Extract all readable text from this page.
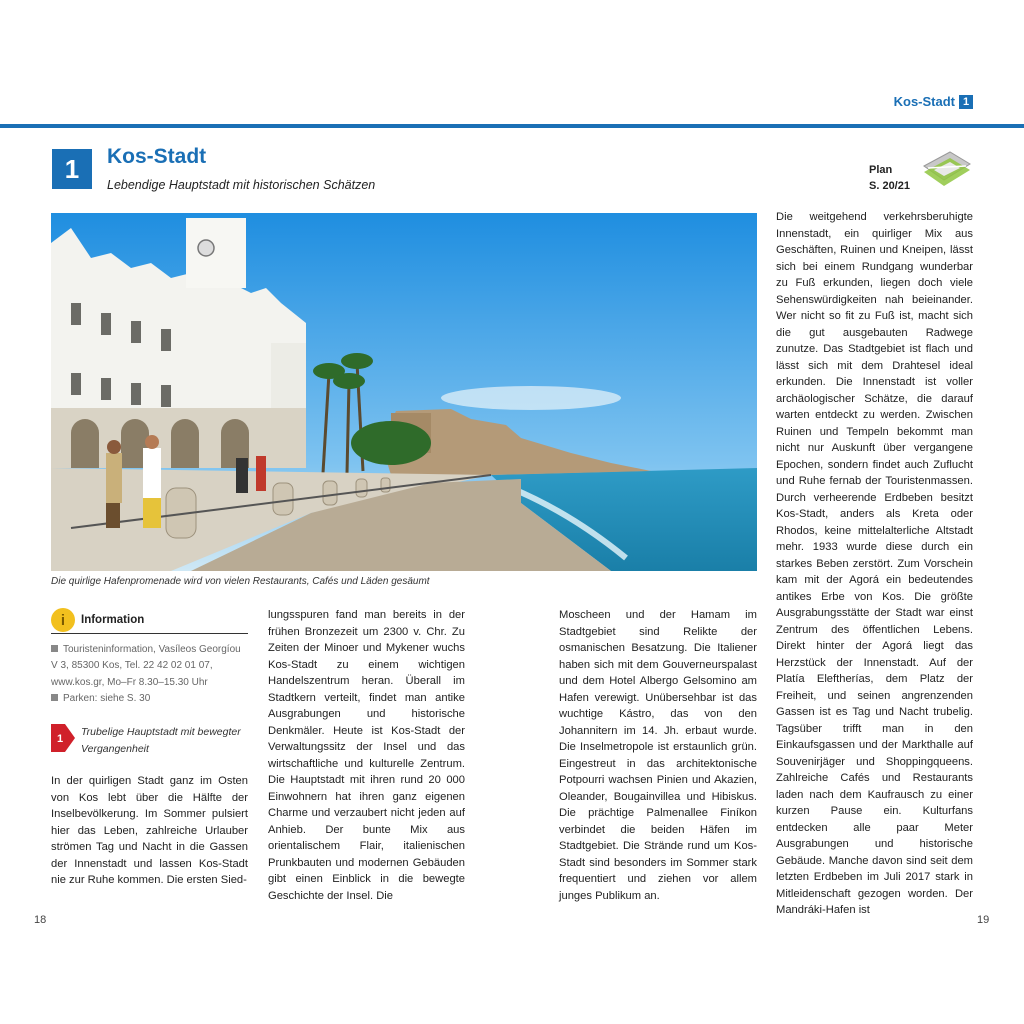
Kos-Stadt 1
1	Kos-Stadt
Lebendige Hauptstadt mit historischen Schätzen
Plan
S. 20/21
Die quirlige Hafenpromenade wird von vielen Restaurants, Cafés und Läden gesäumt
i	Information
Touristeninformation, Vasíleos Georgíou
V 3, 85300 Kos, Tel. 22 42 02 01 07,
www.kos.gr, Mo–Fr 8.30–15.30 Uhr
Parken: siehe S. 30
1
Trubelige Hauptstadt mit bewegter Vergangenheit
In der quirligen Stadt ganz im Osten von Kos lebt über die Hälfte der Inselbevölkerung. Im Sommer pulsiert hier das Leben, zahlreiche Urlauber strömen Tag und Nacht in die Gassen der Innenstadt und lassen Kos-Stadt nie zur Ruhe kommen. Die ersten Sied-
lungsspuren fand man bereits in der frühen Bronzezeit um 2300 v. Chr. Zu Zeiten der Minoer und Mykener wuchs Kos-Stadt zu einem wichtigen Handelszentrum heran. Überall im Stadtkern verteilt, findet man antike Ausgrabungen und historische Denkmäler. Heute ist Kos-Stadt der Verwaltungssitz der Insel und das wirtschaftliche und kulturelle Zentrum. Die Hauptstadt mit ihren rund 20 000 Einwohnern hat ihren ganz eigenen Charme und verzaubert nicht jeden auf Anhieb. Der bunte Mix aus orientalischem Flair, italienischen Prunkbauten und modernen Gebäuden gibt einen Einblick in die bewegte Geschichte der Insel. Die
Moscheen und der Hamam im Stadtgebiet sind Relikte der osmanischen Besatzung. Die Italiener haben sich mit dem Gouverneurspalast und dem Hotel Albergo Gelsomino am Hafen verewigt. Unübersehbar ist das wuchtige Kástro, das von den Johannitern im 14. Jh. erbaut wurde. Die Inselmetropole ist erstaunlich grün. Eingestreut in das architektonische Potpourri wachsen Pinien und Akazien, Oleander, Bougainvillea und Hibiskus. Die prächtige Palmenallee Finíkon verbindet die beiden Häfen im Stadtgebiet. Die Strände rund um Kos-Stadt sind besonders im Sommer stark frequentiert und ziehen vor allem junges Publikum an.
Die weitgehend verkehrsberuhigte Innenstadt, ein quirliger Mix aus Geschäften, Ruinen und Kneipen, lässt sich bei einem Rundgang wunderbar zu Fuß erkunden, liegen doch viele Sehenswürdigkeiten nah beieinander. Wer nicht so fit zu Fuß ist, macht sich die gut ausgebauten Radwege zunutze. Das Stadtgebiet ist flach und lässt sich mit dem Drahtesel ideal erkunden. Die Innenstadt ist voller archäologischer Schätze, die darauf warten entdeckt zu werden. Zwischen Ruinen und Tempeln bekommt man nicht nur Auskunft über vergangene Epochen, sondern findet auch Zuflucht und Ruhe fernab der Touristenmassen. Durch verheerende Erdbeben besitzt Kos-Stadt, anders als Kreta oder Rhodos, keine mittelalterliche Altstadt mehr. 1933 wurde diese durch ein starkes Beben zerstört. Zum Vorschein kam mit der Agorá ein bedeutendes antikes Erbe von Kos. Die größte Ausgrabungsstätte der Stadt war einst Zentrum des öffentlichen Lebens. Direkt hinter der Agorá liegt das Herzstück der Innenstadt. Auf der Platía Eleftherías, dem Platz der Freiheit, und seinen angrenzenden Gassen ist es Tag und Nacht trubelig. Tagsüber trifft man in den Einkaufsgassen und der Markthalle auf Souvenirjäger und Shoppingqueens. Zahlreiche Cafés und Restaurants laden nach dem Kaufrausch zu einer kurzen Pause ein. Kulturfans entdecken alle paar Meter Ausgrabungen und historische Gebäude. Manche davon sind seit dem letzten Erdbeben im Juli 2017 stark in Mitleidenschaft gezogen worden. Der Mandráki-Hafen ist
18	19
